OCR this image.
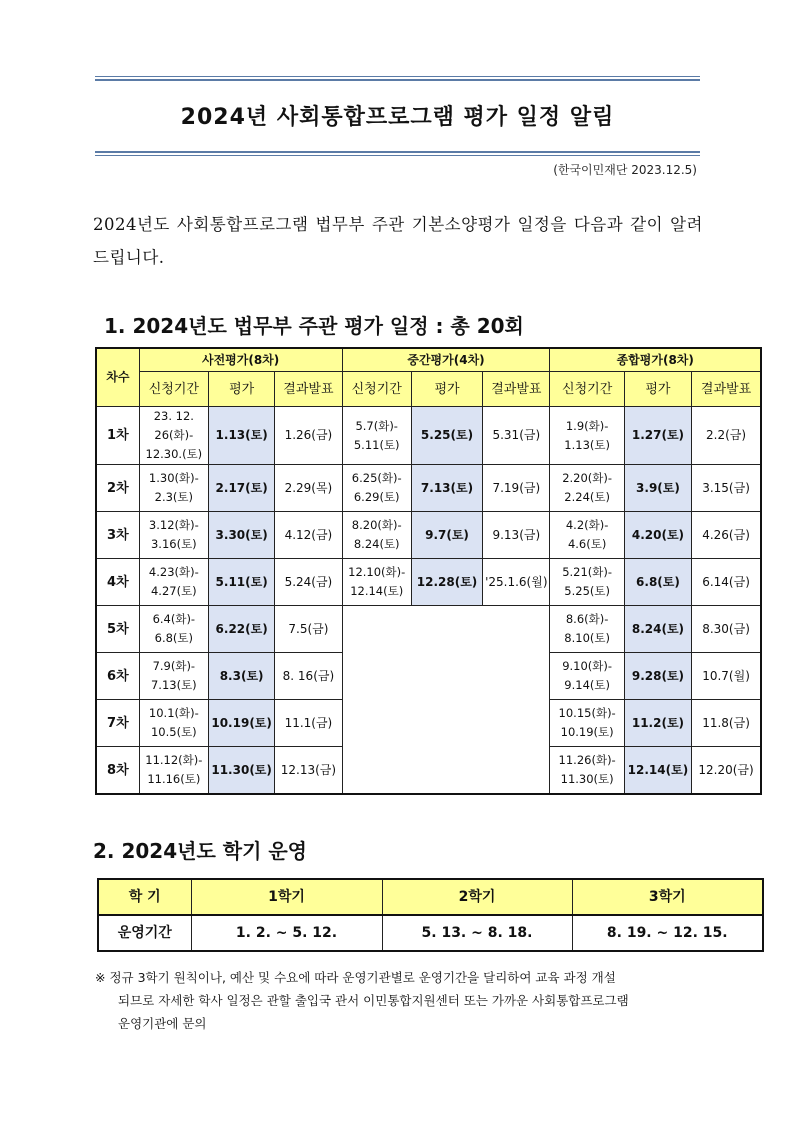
2024년 사회통합프로그램 평가 일정 알림
(한국이민재단 2023.12.5)
2024년도 사회통합프로그램 법무부 주관 기본소양평가 일정을 다음과 같이 알려드립니다.
1. 2024년도 법무부 주관 평가 일정 : 총 20회
차수	사전평가(8차)			중간평가(4차)			종합평가(8차)		
	신청기간	평가	결과발표	신청기간	평가	결과발표	신청기간	평가	결과발표
1차	23. 12. 26(화)-
12.30.(토)	1.13(토)	1.26(금)	5.7(화)-
5.11(토)	5.25(토)	5.31(금)	1.9(화)-
1.13(토)	1.27(토)	2.2(금)
2차	1.30(화)-
2.3(토)	2.17(토)	2.29(목)	6.25(화)-
6.29(토)	7.13(토)	7.19(금)	2.20(화)-
2.24(토)	3.9(토)	3.15(금)
3차	3.12(화)-
3.16(토)	3.30(토)	4.12(금)	8.20(화)-
8.24(토)	9.7(토)	9.13(금)	4.2(화)-
4.6(토)	4.20(토)	4.26(금)
4차	4.23(화)-
4.27(토)	5.11(토)	5.24(금)	12.10(화)-
12.14(토)	12.28(토)	'25.1.6(월)	5.21(화)-
5.25(토)	6.8(토)	6.14(금)
5차	6.4(화)-
6.8(토)	6.22(토)	7.5(금)				8.6(화)-
8.10(토)	8.24(토)	8.30(금)
6차	7.9(화)-
7.13(토)	8.3(토)	8. 16(금)				9.10(화)-
9.14(토)	9.28(토)	10.7(월)
7차	10.1(화)-
10.5(토)	10.19(토)	11.1(금)				10.15(화)-
10.19(토)	11.2(토)	11.8(금)
8차	11.12(화)-
11.16(토)	11.30(토)	12.13(금)				11.26(화)-
11.30(토)	12.14(토)	12.20(금)
2. 2024년도 학기 운영
학 기	1학기	2학기	3학기
운영기간	1. 2. ~ 5. 12.	5. 13. ~ 8. 18.	8. 19. ~ 12. 15.
※ 정규 3학기 원칙이나, 예산 및 수요에 따라 운영기관별로 운영기간을 달리하여 교육 과정 개설
되므로 자세한 학사 일정은 관할 출입국 관서 이민통합지원센터 또는 가까운 사회통합프로그램
운영기관에 문의
